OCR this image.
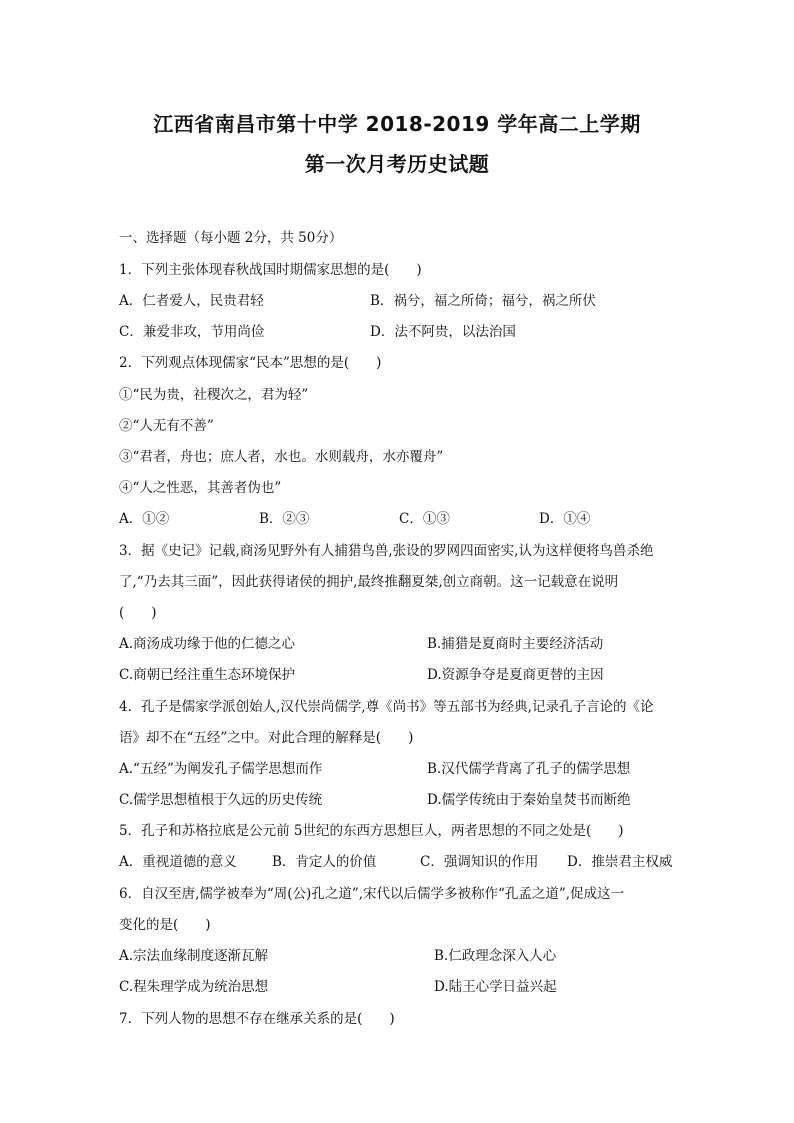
江西省南昌市第十中学 2018-2019 学年高二上学期
第一次月考历史试题
一、选择题（每小题 2分，共 50分）
1．下列主张体现春秋战国时期儒家思想的是(　　)
A．仁者爱人，民贵君轻	B．祸兮，福之所倚；福兮，祸之所伏
C．兼爱非攻，节用尚俭	D．法不阿贵，以法治国
2．下列观点体现儒家“民本”思想的是(　　)
①“民为贵，社稷次之，君为轻”
②“人无有不善”
③“君者，舟也；庶人者，水也。水则载舟，水亦覆舟”
④“人之性恶，其善者伪也”
A．①②	B．②③	C．①③	D．①④
3．据《史记》记载,商汤见野外有人捕猎鸟兽,张设的罗网四面密实,认为这样便将鸟兽杀绝
了,“乃去其三面”，因此获得诸侯的拥护,最终推翻夏桀,创立商朝。这一记载意在说明
(　　)
A.商汤成功缘于他的仁德之心	B.捕猎是夏商时主要经济活动
C.商朝已经注重生态环境保护	D.资源争夺是夏商更替的主因
4．孔子是儒家学派创始人,汉代崇尚儒学,尊《尚书》等五部书为经典,记录孔子言论的《论
语》却不在“五经”之中。对此合理的解释是(　　)
A.“五经”为阐发孔子儒学思想而作	B.汉代儒学背离了孔子的儒学思想
C.儒学思想植根于久远的历史传统	D.儒学传统由于秦始皇焚书而断绝
5．孔子和苏格拉底是公元前 5世纪的东西方思想巨人，两者思想的不同之处是(　　)
A．重视道德的意义	B．肯定人的价值	C．强调知识的作用 D．推崇君主权威
6．自汉至唐,儒学被奉为“周(公)孔之道”,宋代以后儒学多被称作“孔孟之道”,促成这一
变化的是(　　)
A.宗法血缘制度逐渐瓦解	B.仁政理念深入人心
C.程朱理学成为统治思想	D.陆王心学日益兴起
7．下列人物的思想不存在继承关系的是(　　)
